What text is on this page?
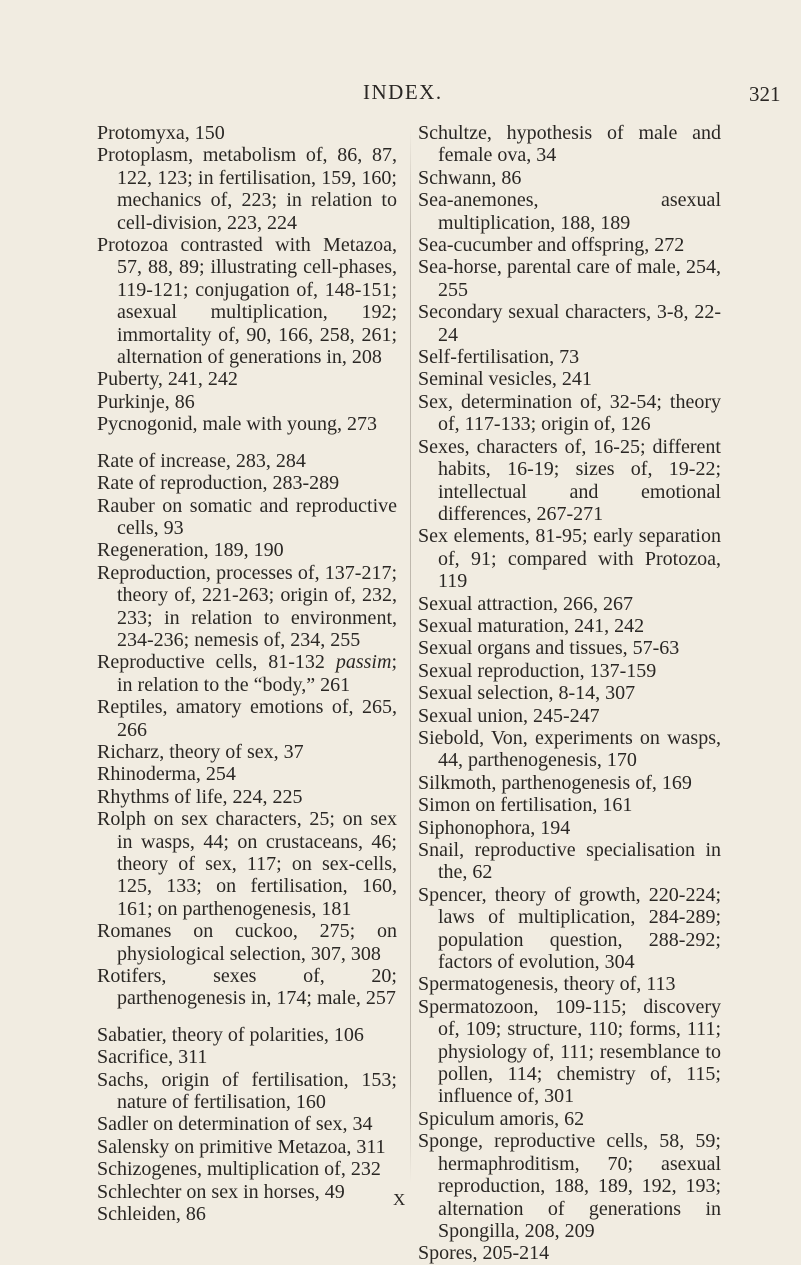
INDEX.	321

Protomyxa, 150

Protoplasm, metabolism of, 86, 87, 122, 123; in fertilisation, 159, 160; mechanics of, 223; in relation to cell-division, 223, 224

Protozoa contrasted with Metazoa, 57, 88, 89; illustrating cell-phases, 119-121; conjugation of, 148-151; asexual multiplication, 192; immortality of, 90, 166, 258, 261; alternation of generations in, 208

Puberty, 241, 242

Purkinje, 86

Pycnogonid, male with young, 273

Rate of increase, 283, 284

Rate of reproduction, 283-289

Rauber on somatic and reproductive cells, 93

Regeneration, 189, 190

Reproduction, processes of, 137-217; theory of, 221-263; origin of, 232, 233; in relation to environment, 234-236; nemesis of, 234, 255

Reproductive cells, 81-132 passim; in relation to the “body,” 261

Reptiles, amatory emotions of, 265, 266

Richarz, theory of sex, 37

Rhinoderma, 254

Rhythms of life, 224, 225

Rolph on sex characters, 25; on sex in wasps, 44; on crustaceans, 46; theory of sex, 117; on sex-cells, 125, 133; on fertilisation, 160, 161; on parthenogenesis, 181

Romanes on cuckoo, 275; on physiological selection, 307, 308

Rotifers, sexes of, 20; parthenogenesis in, 174; male, 257

Sabatier, theory of polarities, 106

Sacrifice, 311

Sachs, origin of fertilisation, 153; nature of fertilisation, 160

Sadler on determination of sex, 34

Salensky on primitive Metazoa, 311

Schizogenes, multiplication of, 232

Schlechter on sex in horses, 49

Schleiden, 86

Schultze, hypothesis of male and female ova, 34

Schwann, 86

Sea-anemones, asexual multiplication, 188, 189

Sea-cucumber and offspring, 272

Sea-horse, parental care of male, 254, 255

Secondary sexual characters, 3-8, 22-24

Self-fertilisation, 73

Seminal vesicles, 241

Sex, determination of, 32-54; theory of, 117-133; origin of, 126

Sexes, characters of, 16-25; different habits, 16-19; sizes of, 19-22; intellectual and emotional differences, 267-271

Sex elements, 81-95; early separation of, 91; compared with Protozoa, 119

Sexual attraction, 266, 267

Sexual maturation, 241, 242

Sexual organs and tissues, 57-63

Sexual reproduction, 137-159

Sexual selection, 8-14, 307

Sexual union, 245-247

Siebold, Von, experiments on wasps, 44, parthenogenesis, 170

Silkmoth, parthenogenesis of, 169

Simon on fertilisation, 161

Siphonophora, 194

Snail, reproductive specialisation in the, 62

Spencer, theory of growth, 220-224; laws of multiplication, 284-289; population question, 288-292; factors of evolution, 304

Spermatogenesis, theory of, 113

Spermatozoon, 109-115; discovery of, 109; structure, 110; forms, 111; physiology of, 111; resemblance to pollen, 114; chemistry of, 115; influence of, 301

Spiculum amoris, 62

Sponge, reproductive cells, 58, 59; hermaphroditism, 70; asexual reproduction, 188, 189, 192, 193; alternation of generations in Spongilla, 208, 209

Spores, 205-214

X
